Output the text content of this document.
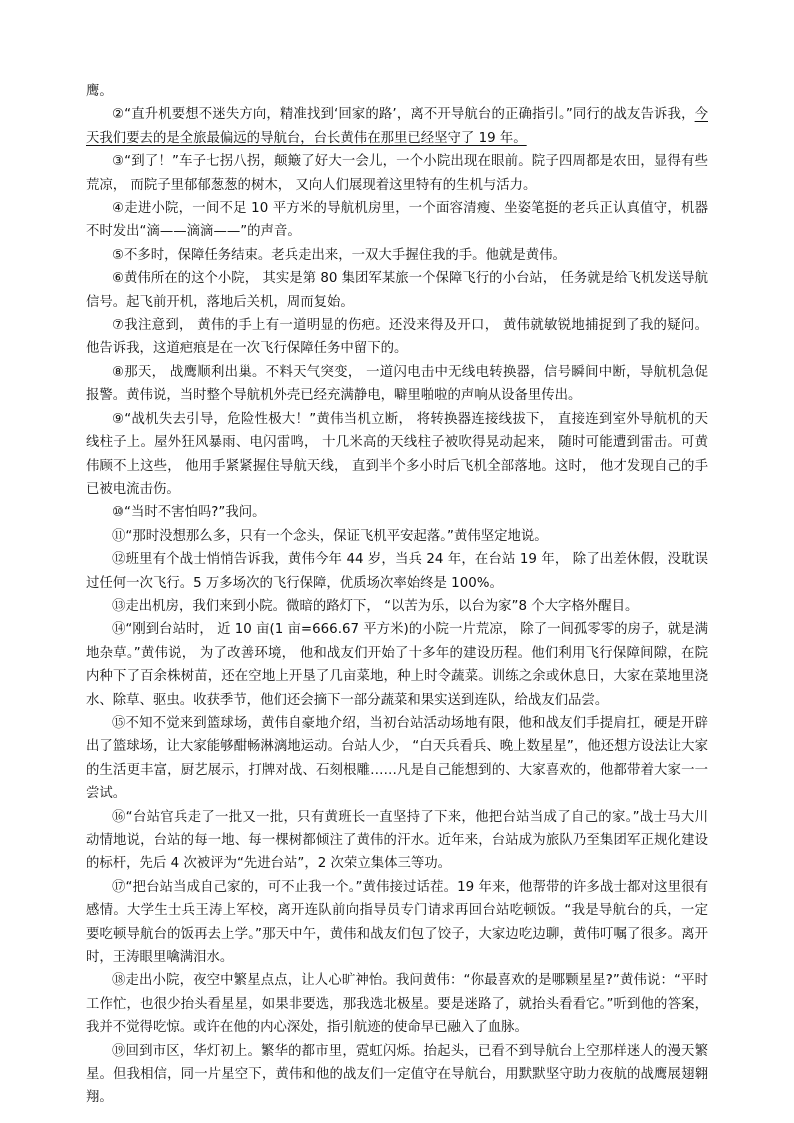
鹰。

②“直升机要想不迷失方向，精准找到‘回家的路’，离不开导航台的正确指引。”同行的战友告诉我，今天我们要去的是全旅最偏远的导航台，台长黄伟在那里已经坚守了 19 年。

③“到了！”车子七拐八拐，颠簸了好大一会儿，一个小院出现在眼前。院子四周都是农田，显得有些荒凉， 而院子里郁郁葱葱的树木， 又向人们展现着这里特有的生机与活力。

④走进小院，一间不足 10 平方米的导航机房里，一个面容清瘦、坐姿笔挺的老兵正认真值守，机器不时发出“滴——滴滴——”的声音。

⑤不多时，保障任务结束。老兵走出来，一双大手握住我的手。他就是黄伟。

⑥黄伟所在的这个小院， 其实是第 80 集团军某旅一个保障飞行的小台站， 任务就是给飞机发送导航信号。起飞前开机，落地后关机，周而复始。

⑦我注意到， 黄伟的手上有一道明显的伤疤。还没来得及开口， 黄伟就敏锐地捕捉到了我的疑问。他告诉我，这道疤痕是在一次飞行保障任务中留下的。

⑧那天， 战鹰顺利出巢。不料天气突变， 一道闪电击中无线电转换器，信号瞬间中断，导航机急促报警。黄伟说，当时整个导航机外壳已经充满静电，噼里啪啦的声响从设备里传出。

⑨“战机失去引导，危险性极大！”黄伟当机立断， 将转换器连接线拔下， 直接连到室外导航机的天线柱子上。屋外狂风暴雨、电闪雷鸣， 十几米高的天线柱子被吹得晃动起来， 随时可能遭到雷击。可黄伟顾不上这些， 他用手紧紧握住导航天线， 直到半个多小时后飞机全部落地。这时， 他才发现自己的手已被电流击伤。

⑩“当时不害怕吗?”我问。

⑪“那时没想那么多，只有一个念头，保证飞机平安起落。”黄伟坚定地说。

⑫班里有个战士悄悄告诉我，黄伟今年 44 岁，当兵 24 年，在台站 19 年， 除了出差休假，没耽误过任何一次飞行。5 万多场次的飞行保障，优质场次率始终是 100%。

⑬走出机房，我们来到小院。微暗的路灯下， “以苦为乐，以台为家”8 个大字格外醒目。

⑭“刚到台站时， 近 10 亩(1 亩=666.67 平方米)的小院一片荒凉， 除了一间孤零零的房子，就是满地杂草。”黄伟说， 为了改善环境， 他和战友们开始了十多年的建设历程。他们利用飞行保障间隙，在院内种下了百余株树苗，还在空地上开垦了几亩菜地，种上时令蔬菜。训练之余或休息日，大家在菜地里浇水、除草、驱虫。收获季节，他们还会摘下一部分蔬菜和果实送到连队，给战友们品尝。

⑮不知不觉来到篮球场，黄伟自豪地介绍，当初台站活动场地有限，他和战友们手提肩扛，硬是开辟出了篮球场，让大家能够酣畅淋漓地运动。台站人少， “白天兵看兵、晚上数星星”，他还想方设法让大家的生活更丰富，厨艺展示，打牌对战、石刻根雕……凡是自己能想到的、大家喜欢的，他都带着大家一一尝试。

⑯“台站官兵走了一批又一批，只有黄班长一直坚持了下来，他把台站当成了自己的家。”战士马大川动情地说，台站的每一地、每一棵树都倾注了黄伟的汗水。近年来，台站成为旅队乃至集团军正规化建设的标杆，先后 4 次被评为“先进台站”，2 次荣立集体三等功。

⑰“把台站当成自己家的，可不止我一个。”黄伟接过话茬。19 年来，他帮带的许多战士都对这里很有感情。大学生士兵王涛上军校，离开连队前向指导员专门请求再回台站吃顿饭。“我是导航台的兵，一定要吃顿导航台的饭再去上学。”那天中午，黄伟和战友们包了饺子，大家边吃边聊，黄伟叮嘱了很多。离开时，王涛眼里噙满泪水。

⑱走出小院，夜空中繁星点点，让人心旷神怡。我问黄伟：“你最喜欢的是哪颗星星?”黄伟说：“平时工作忙，也很少抬头看星星，如果非要选，那我选北极星。要是迷路了，就抬头看看它。”听到他的答案，我并不觉得吃惊。或许在他的内心深处，指引航迹的使命早已融入了血脉。

⑲回到市区，华灯初上。繁华的都市里，霓虹闪烁。抬起头，已看不到导航台上空那样迷人的漫天繁星。但我相信，同一片星空下，黄伟和他的战友们一定值守在导航台，用默默坚守助力夜航的战鹰展翅翱翔。
